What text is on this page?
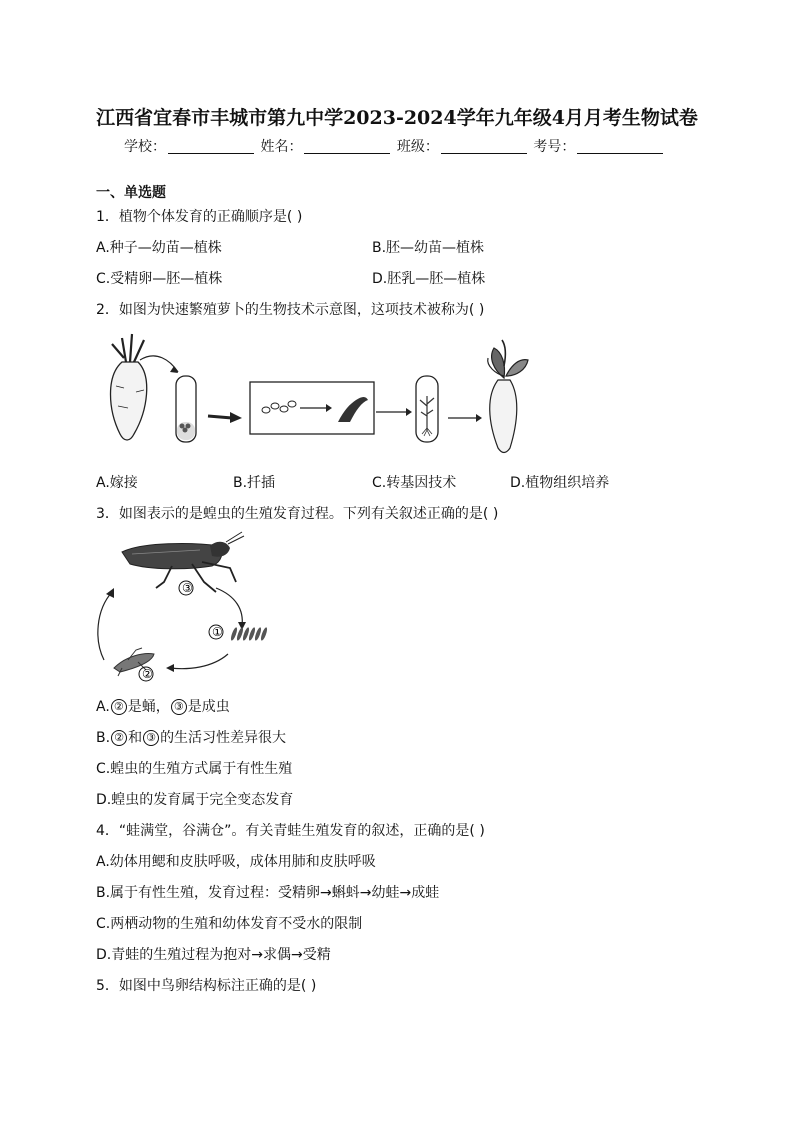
江西省宜春市丰城市第九中学2023-2024学年九年级4月月考生物试卷
学校：	姓名：	班级：	考号：
一、单选题
1．植物个体发育的正确顺序是( )
A.种子—幼苗—植株	B.胚—幼苗—植株
C.受精卵—胚—植株	D.胚乳—胚—植株
2．如图为快速繁殖萝卜的生物技术示意图，这项技术被称为( )
A.嫁接	B.扦插	C.转基因技术	D.植物组织培养
3．如图表示的是蝗虫的生殖发育过程。下列有关叙述正确的是( )
③
①
②
A. ② 是蛹， ③ 是成虫
B. ② 和 ③ 的生活习性差异很大
C.蝗虫的生殖方式属于有性生殖
D.蝗虫的发育属于完全变态发育
4．“蛙满堂，谷满仓”。有关青蛙生殖发育的叙述，正确的是( )
A.幼体用鳃和皮肤呼吸，成体用肺和皮肤呼吸
B.属于有性生殖，发育过程：受精卵→蝌蚪→幼蛙→成蛙
C.两栖动物的生殖和幼体发育不受水的限制
D.青蛙的生殖过程为抱对→求偶→受精
5．如图中鸟卵结构标注正确的是( )
